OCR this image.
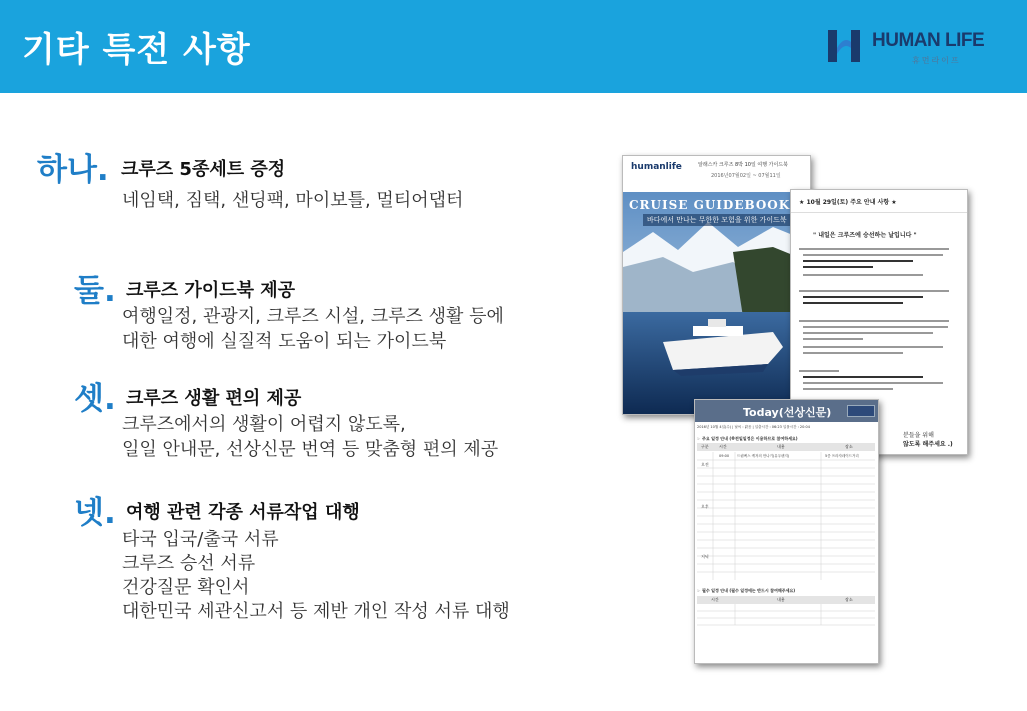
기타 특전 사항	HUMAN LIFE
휴먼라이프
하나. 크루즈 5종세트 증정
네임택, 짐택, 샌딩팩, 마이보틀, 멀티어댑터
둘. 크루즈 가이드북 제공
여행일정, 관광지, 크루즈 시설, 크루즈 생활 등에
대한 여행에 실질적 도움이 되는 가이드북
셋. 크루즈 생활 편의 제공
크루즈에서의 생활이 어렵지 않도록,
일일 안내문, 선상신문 번역 등 맞춤형 편의 제공
넷. 여행 관련 각종 서류작업 대행
타국 입국/출국 서류
크루즈 승선 서류
건강질문 확인서
대한민국 세관신고서 등 제반 개인 작성 서류 대행
humanlife	알래스카 크루즈 8박 10일 여행 가이드북
2016년07월02일 ~ 07월11일
CRUISE GUIDEBOOK
바다에서 만나는 무한한 모험을 위한 가이드북
★ 10월 29일(토) 주요 안내 사항 ★
" 내일은 크루즈에 승선하는 날입니다 "
분들을 위해
않도록 해주세요 .)
Today(선상신문)
2016년 10월 4일(수) | 날씨 : 맑음 | 일출시간 : 06:23 일몰시간 : 20:04
☞ 주요 일정 안내 (※전일일정은 이용하므로 참여하세요)
구분	시간	내용	장소
09:00 드림팩스 케저의 만나기(뮤우팬지)	5층 프라자데이드거리
오전
오후
저녁
☞ 필수 일정 안내 (필수 일정에는 반드시 참여해주세요)
시간	내용	장소
